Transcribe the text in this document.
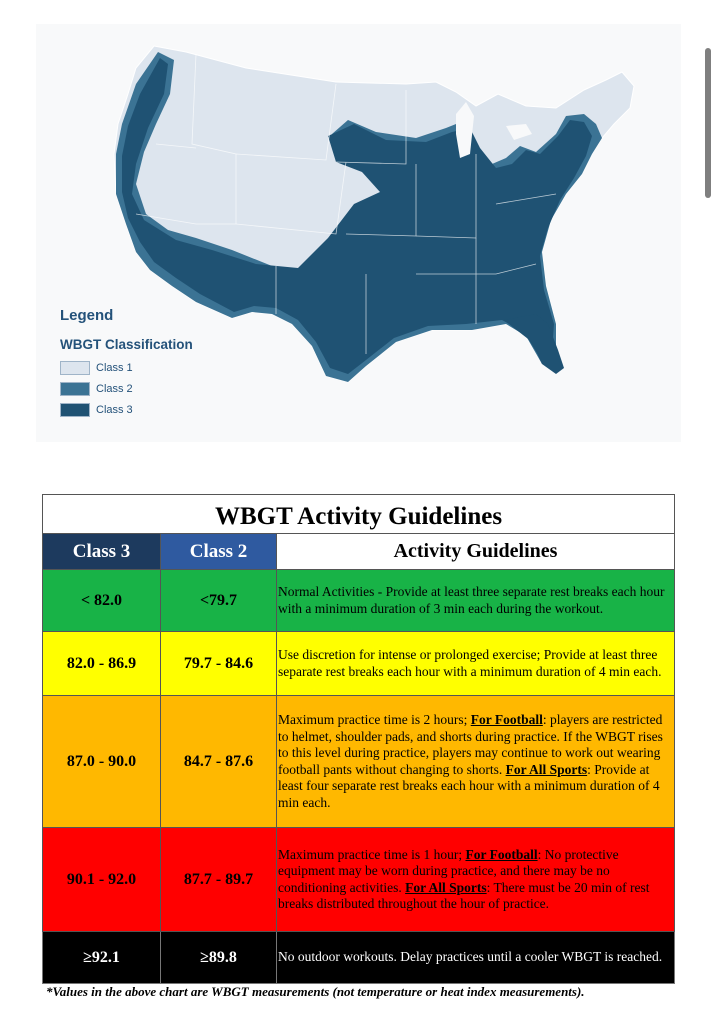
Legend
WBGT Classification
Class 1
Class 2
Class 3
WBGT Activity Guidelines		
Class 3	Class 2	Activity Guidelines
< 82.0	<79.7	Normal Activities - Provide at least three separate rest breaks each hour with a minimum duration of 3 min each during the workout.
82.0 - 86.9	79.7 - 84.6	Use discretion for intense or prolonged exercise; Provide at least three separate rest breaks each hour with a minimum duration of 4 min each.
87.0 - 90.0	84.7 - 87.6	Maximum practice time is 2 hours; For Football: players are restricted to helmet, shoulder pads, and shorts during practice. If the WBGT rises to this level during practice, players may continue to work out wearing football pants without changing to shorts. For All Sports: Provide at least four separate rest breaks each hour with a minimum duration of 4 min each.
90.1 - 92.0	87.7 - 89.7	Maximum practice time is 1 hour; For Football: No protective equipment may be worn during practice, and there may be no conditioning activities. For All Sports: There must be 20 min of rest breaks distributed throughout the hour of practice.
≥92.1	≥89.8	No outdoor workouts. Delay practices until a cooler WBGT is reached.
*Values in the above chart are WBGT measurements (not temperature or heat index measurements).
